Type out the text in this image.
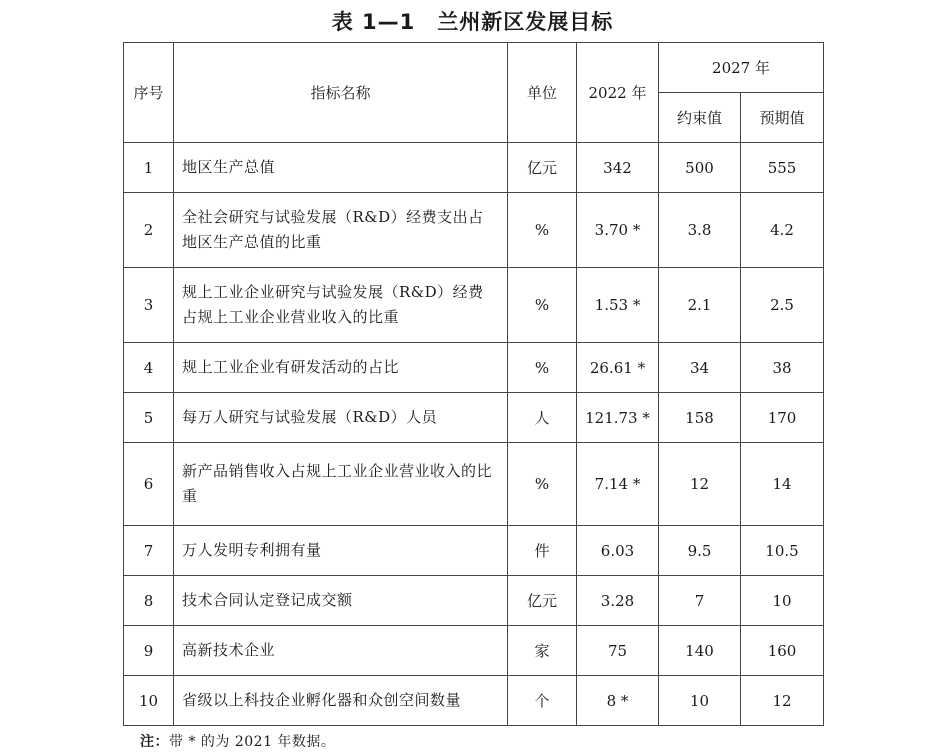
表 1—1 兰州新区发展目标
序号	指标名称	单位	2022 年	2027 年	
				约束值	预期值
1	地区生产总值	亿元	342	500	555
2	全社会研究与试验发展（R&D）经费支出占地区生产总值的比重	%	3.70 *	3.8	4.2
3	规上工业企业研究与试验发展（R&D）经费占规上工业企业营业收入的比重	%	1.53 *	2.1	2.5
4	规上工业企业有研发活动的占比	%	26.61 *	34	38
5	每万人研究与试验发展（R&D）人员	人	121.73 *	158	170
6	新产品销售收入占规上工业企业营业收入的比重	%	7.14 *	12	14
7	万人发明专利拥有量	件	6.03	9.5	10.5
8	技术合同认定登记成交额	亿元	3.28	7	10
9	高新技术企业	家	75	140	160
10	省级以上科技企业孵化器和众创空间数量	个	8 *	10	12
注：带 * 的为 2021 年数据。
